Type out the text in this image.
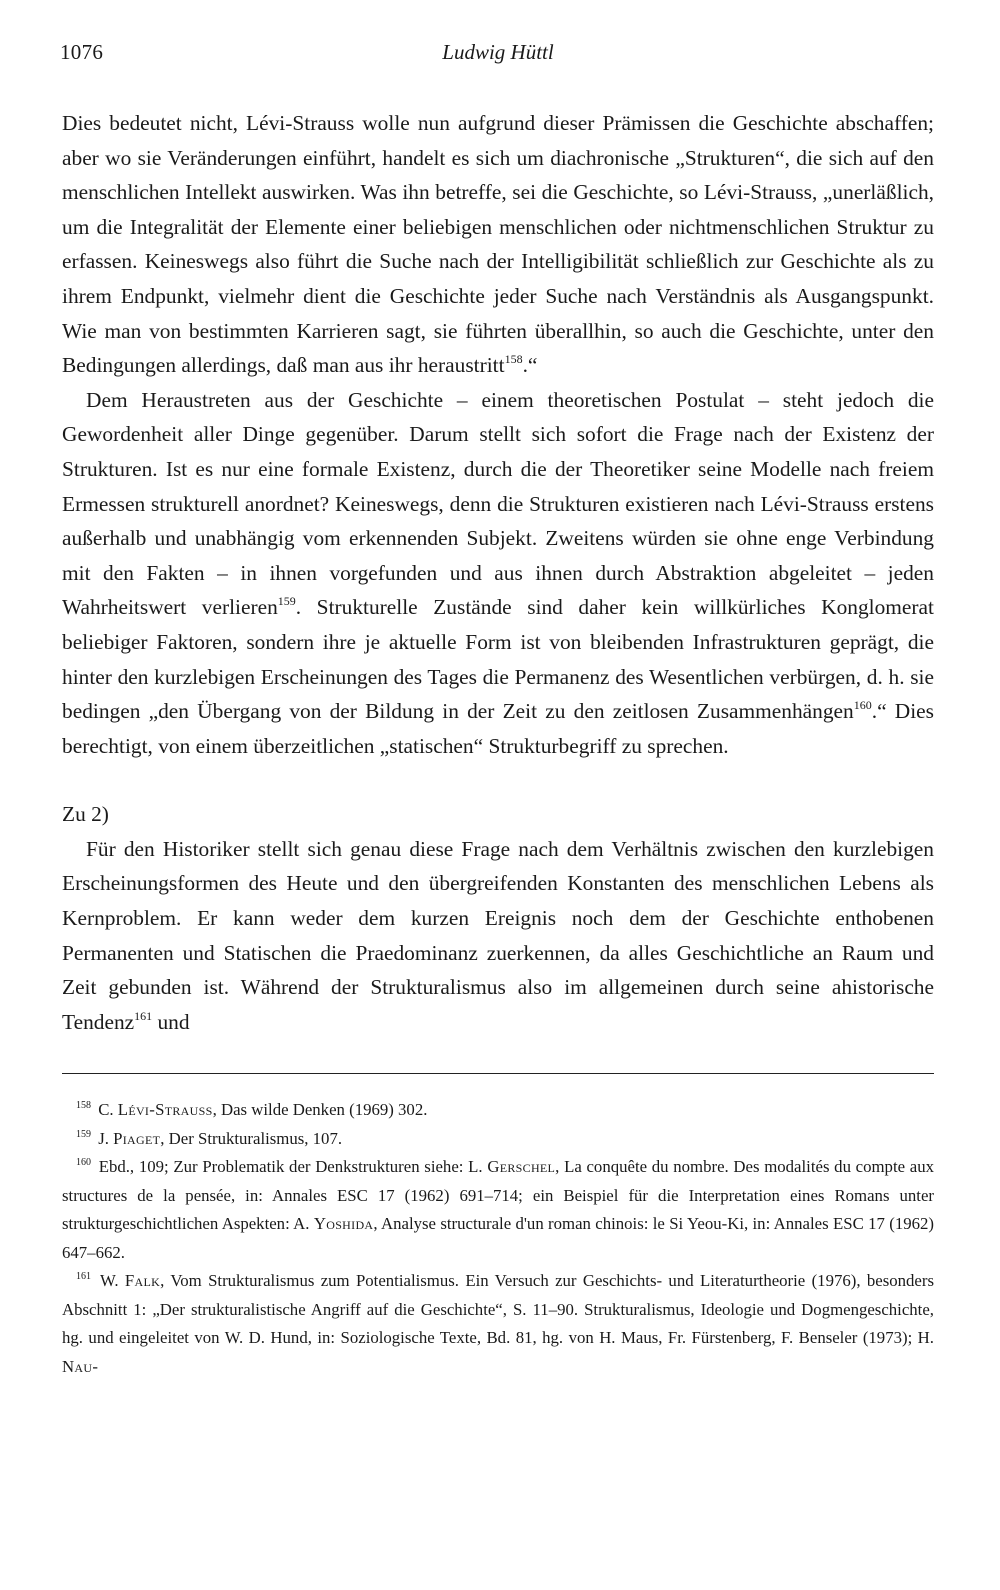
1076	Ludwig Hüttl

Dies bedeutet nicht, Lévi-Strauss wolle nun aufgrund dieser Prämissen die Geschichte abschaffen; aber wo sie Veränderungen einführt, handelt es sich um diachronische „Strukturen“, die sich auf den menschlichen Intellekt auswirken. Was ihn betreffe, sei die Geschichte, so Lévi-Strauss, „unerläßlich, um die Integralität der Elemente einer beliebigen menschlichen oder nichtmenschlichen Struktur zu erfassen. Keineswegs also führt die Suche nach der Intelligibilität schließlich zur Geschichte als zu ihrem Endpunkt, vielmehr dient die Geschichte jeder Suche nach Verständnis als Ausgangspunkt. Wie man von bestimmten Karrieren sagt, sie führten überallhin, so auch die Geschichte, unter den Bedingungen allerdings, daß man aus ihr heraustritt$^{158}$.“

Dem Heraustreten aus der Geschichte – einem theoretischen Postulat – steht jedoch die Gewordenheit aller Dinge gegenüber. Darum stellt sich sofort die Frage nach der Existenz der Strukturen. Ist es nur eine formale Existenz, durch die der Theoretiker seine Modelle nach freiem Ermessen strukturell anordnet? Keineswegs, denn die Strukturen existieren nach Lévi-Strauss erstens außerhalb und unabhängig vom erkennenden Subjekt. Zweitens würden sie ohne enge Verbindung mit den Fakten – in ihnen vorgefunden und aus ihnen durch Abstraktion abgeleitet – jeden Wahrheitswert verlieren$^{159}$. Strukturelle Zustände sind daher kein willkürliches Konglomerat beliebiger Faktoren, sondern ihre je aktuelle Form ist von bleibenden Infrastrukturen geprägt, die hinter den kurzlebigen Erscheinungen des Tages die Permanenz des Wesentlichen verbürgen, d. h. sie bedingen „den Übergang von der Bildung in der Zeit zu den zeitlosen Zusammenhängen$^{160}$.“ Dies berechtigt, von einem überzeitlichen „statischen“ Strukturbegriff zu sprechen.

Zu 2)

Für den Historiker stellt sich genau diese Frage nach dem Verhältnis zwischen den kurzlebigen Erscheinungsformen des Heute und den übergreifenden Konstanten des menschlichen Lebens als Kernproblem. Er kann weder dem kurzen Ereignis noch dem der Geschichte enthobenen Permanenten und Statischen die Praedominanz zuerkennen, da alles Geschichtliche an Raum und Zeit gebunden ist. Während der Strukturalismus also im allgemeinen durch seine ahistorische Tendenz$^{161}$ und

$^{158}$ C. Lévi-Strauss, Das wilde Denken (1969) 302.

$^{159}$ J. Piaget, Der Strukturalismus, 107.

$^{160}$ Ebd., 109; Zur Problematik der Denkstrukturen siehe: L. Gerschel, La conquête du nombre. Des modalités du compte aux structures de la pensée, in: Annales ESC 17 (1962) 691–714; ein Beispiel für die Interpretation eines Romans unter strukturgeschichtlichen Aspekten: A. Yoshida, Analyse structurale d'un roman chinois: le Si Yeou-Ki, in: Annales ESC 17 (1962) 647–662.

$^{161}$ W. Falk, Vom Strukturalismus zum Potentialismus. Ein Versuch zur Geschichts- und Literaturtheorie (1976), besonders Abschnitt 1: „Der strukturalistische Angriff auf die Geschichte“, S. 11–90. Strukturalismus, Ideologie und Dogmengeschichte, hg. und eingeleitet von W. D. Hund, in: Soziologische Texte, Bd. 81, hg. von H. Maus, Fr. Fürstenberg, F. Benseler (1973); H. Nau-
